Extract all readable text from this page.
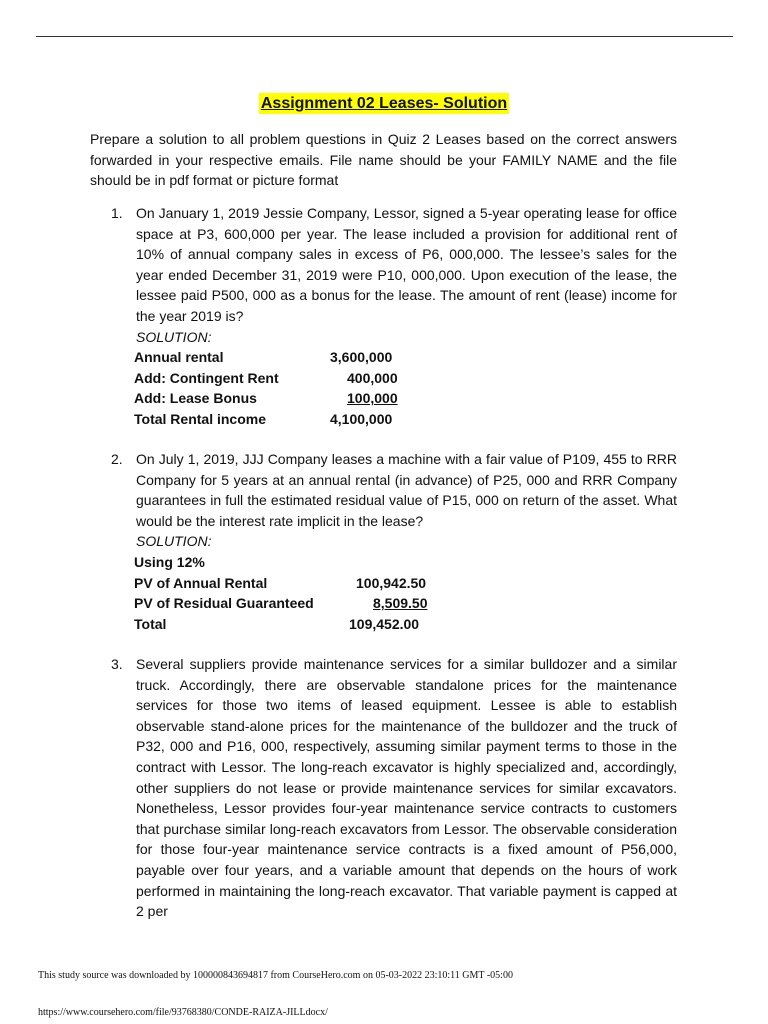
Assignment 02 Leases- Solution
Prepare a solution to all problem questions in Quiz 2 Leases based on the correct answers forwarded in your respective emails. File name should be your FAMILY NAME and the file should be in pdf format or picture format
1. On January 1, 2019 Jessie Company, Lessor, signed a 5-year operating lease for office space at P3, 600,000 per year. The lease included a provision for additional rent of 10% of annual company sales in excess of P6, 000,000. The lessee’s sales for the year ended December 31, 2019 were P10, 000,000. Upon execution of the lease, the lessee paid P500, 000 as a bonus for the lease. The amount of rent (lease) income for the year 2019 is?
SOLUTION:
Annual rental	3,600,000
Add: Contingent Rent	400,000
Add: Lease Bonus	100,000
Total Rental income	4,100,000
2. On July 1, 2019, JJJ Company leases a machine with a fair value of P109, 455 to RRR Company for 5 years at an annual rental (in advance) of P25, 000 and RRR Company guarantees in full the estimated residual value of P15, 000 on return of the asset. What would be the interest rate implicit in the lease?
SOLUTION:
Using 12%	
PV of Annual Rental	100,942.50
PV of Residual Guaranteed	8,509.50
Total	109,452.00
3. Several suppliers provide maintenance services for a similar bulldozer and a similar truck. Accordingly, there are observable standalone prices for the maintenance services for those two items of leased equipment. Lessee is able to establish observable stand-alone prices for the maintenance of the bulldozer and the truck of P32, 000 and P16, 000, respectively, assuming similar payment terms to those in the contract with Lessor. The long-reach excavator is highly specialized and, accordingly, other suppliers do not lease or provide maintenance services for similar excavators. Nonetheless, Lessor provides four-year maintenance service contracts to customers that purchase similar long-reach excavators from Lessor. The observable consideration for those four-year maintenance service contracts is a fixed amount of P56,000, payable over four years, and a variable amount that depends on the hours of work performed in maintaining the long-reach excavator. That variable payment is capped at 2 per
This study source was downloaded by 100000843694817 from CourseHero.com on 05-03-2022 23:10:11 GMT -05:00
https://www.coursehero.com/file/93768380/CONDE-RAIZA-JILLdocx/
